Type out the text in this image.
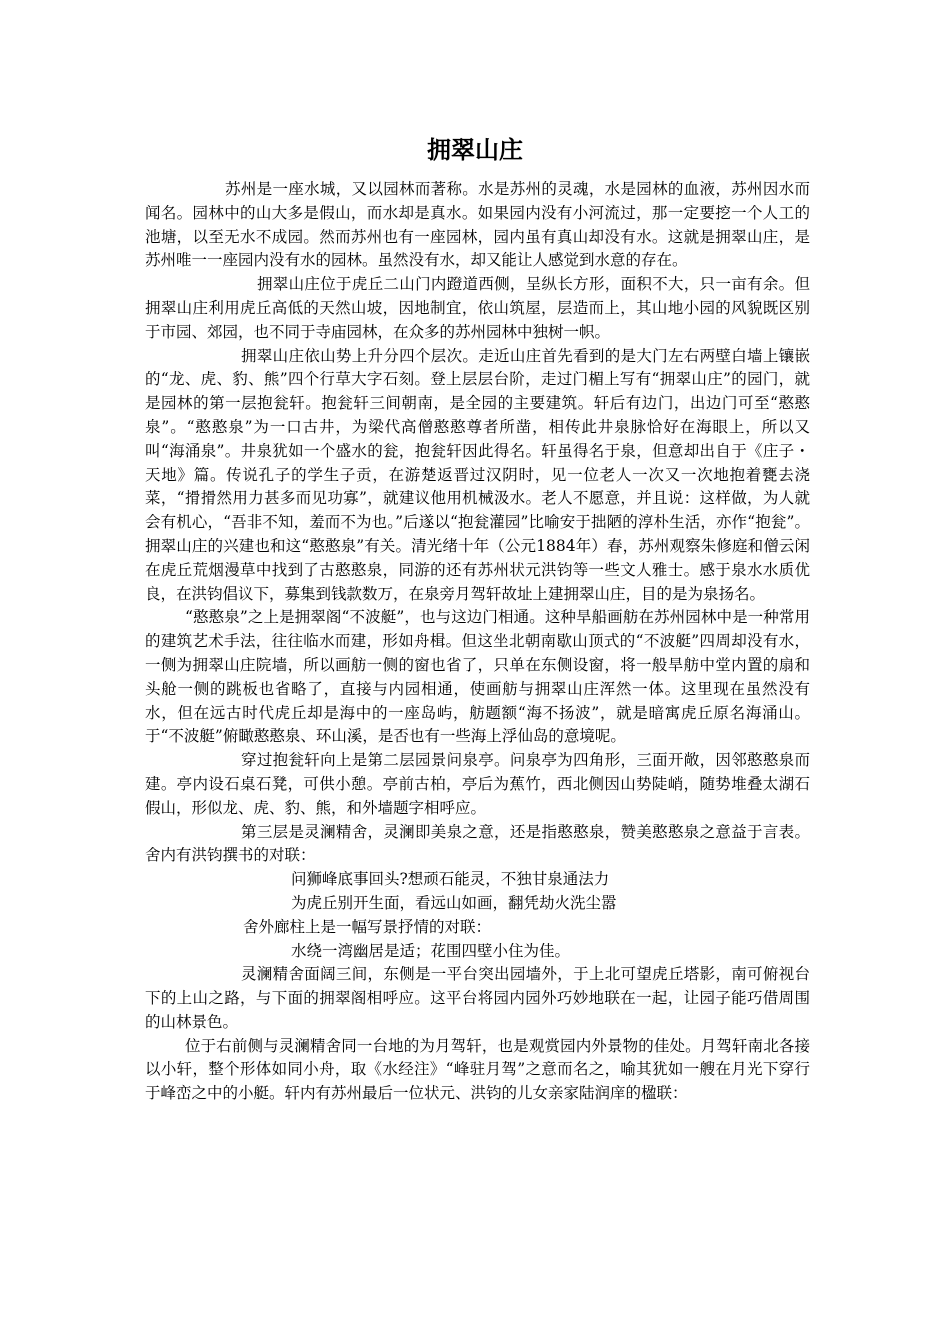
拥翠山庄

苏州是一座水城，又以园林而著称。水是苏州的灵魂，水是园林的血液，苏州因水而闻名。园林中的山大多是假山，而水却是真水。如果园内没有小河流过，那一定要挖一个人工的池塘，以至无水不成园。然而苏州也有一座园林，园内虽有真山却没有水。这就是拥翠山庄，是苏州唯一一座园内没有水的园林。虽然没有水，却又能让人感觉到水意的存在。

拥翠山庄位于虎丘二山门内蹬道西侧，呈纵长方形，面积不大，只一亩有余。但拥翠山庄利用虎丘高低的天然山坡，因地制宜，依山筑屋，层造而上，其山地小园的风貌既区别于市园、郊园，也不同于寺庙园林，在众多的苏州园林中独树一帜。

拥翠山庄依山势上升分四个层次。走近山庄首先看到的是大门左右两壁白墙上镶嵌的“龙、虎、豹、熊”四个行草大字石刻。登上层层台阶，走过门楣上写有“拥翠山庄”的园门，就是园林的第一层抱瓮轩。抱瓮轩三间朝南，是全园的主要建筑。轩后有边门，出边门可至“憨憨泉”。“憨憨泉”为一口古井，为梁代高僧憨憨尊者所凿，相传此井泉脉恰好在海眼上，所以又叫“海涌泉”。井泉犹如一个盛水的瓮，抱瓮轩因此得名。轩虽得名于泉，但意却出自于《庄子・天地》篇。传说孔子的学生子贡，在游楚返晋过汉阴时，见一位老人一次又一次地抱着甕去浇菜，“搰搰然用力甚多而见功寡”，就建议他用机械汲水。老人不愿意，并且说：这样做，为人就会有机心，“吾非不知，羞而不为也。”后遂以“抱瓮灌园”比喻安于拙陋的淳朴生活，亦作“抱瓮”。拥翠山庄的兴建也和这“憨憨泉”有关。清光绪十年（公元1884年）春，苏州观察朱修庭和僧云闲在虎丘荒烟漫草中找到了古憨憨泉，同游的还有苏州状元洪钧等一些文人雅士。感于泉水水质优良，在洪钧倡议下，募集到钱款数万，在泉旁月驾轩故址上建拥翠山庄，目的是为泉扬名。

“憨憨泉”之上是拥翠阁“不波艇”，也与这边门相通。这种旱船画舫在苏州园林中是一种常用的建筑艺术手法，往往临水而建，形如舟楫。但这坐北朝南歇山顶式的“不波艇”四周却没有水，一侧为拥翠山庄院墙，所以画舫一侧的窗也省了，只单在东侧设窗，将一般旱舫中堂内置的扇和头舱一侧的跳板也省略了，直接与内园相通，使画舫与拥翠山庄浑然一体。这里现在虽然没有水，但在远古时代虎丘却是海中的一座岛屿，舫题额“海不扬波”，就是暗寓虎丘原名海涌山。于“不波艇”俯瞰憨憨泉、环山溪，是否也有一些海上浮仙岛的意境呢。

穿过抱瓮轩向上是第二层园景问泉亭。问泉亭为四角形，三面开敞，因邻憨憨泉而建。亭内设石桌石凳，可供小憩。亭前古柏，亭后为蕉竹，西北侧因山势陡峭，随势堆叠太湖石假山，形似龙、虎、豹、熊，和外墙题字相呼应。

第三层是灵澜精舍，灵澜即美泉之意，还是指憨憨泉，赞美憨憨泉之意益于言表。舍内有洪钧撰书的对联：

问狮峰底事回头?想顽石能灵，不独甘泉通法力

为虎丘别开生面，看远山如画，翻凭劫火洗尘嚣

舍外廊柱上是一幅写景抒情的对联：

水绕一湾幽居是适；花围四壁小住为佳。

灵澜精舍面阔三间，东侧是一平台突出园墙外，于上北可望虎丘塔影，南可俯视台下的上山之路，与下面的拥翠阁相呼应。这平台将园内园外巧妙地联在一起，让园子能巧借周围的山林景色。

位于右前侧与灵澜精舍同一台地的为月驾轩，也是观赏园内外景物的佳处。月驾轩南北各接以小轩，整个形体如同小舟，取《水经注》“峰驻月驾”之意而名之，喻其犹如一艘在月光下穿行于峰峦之中的小艇。轩内有苏州最后一位状元、洪钧的儿女亲家陆润庠的楹联：
